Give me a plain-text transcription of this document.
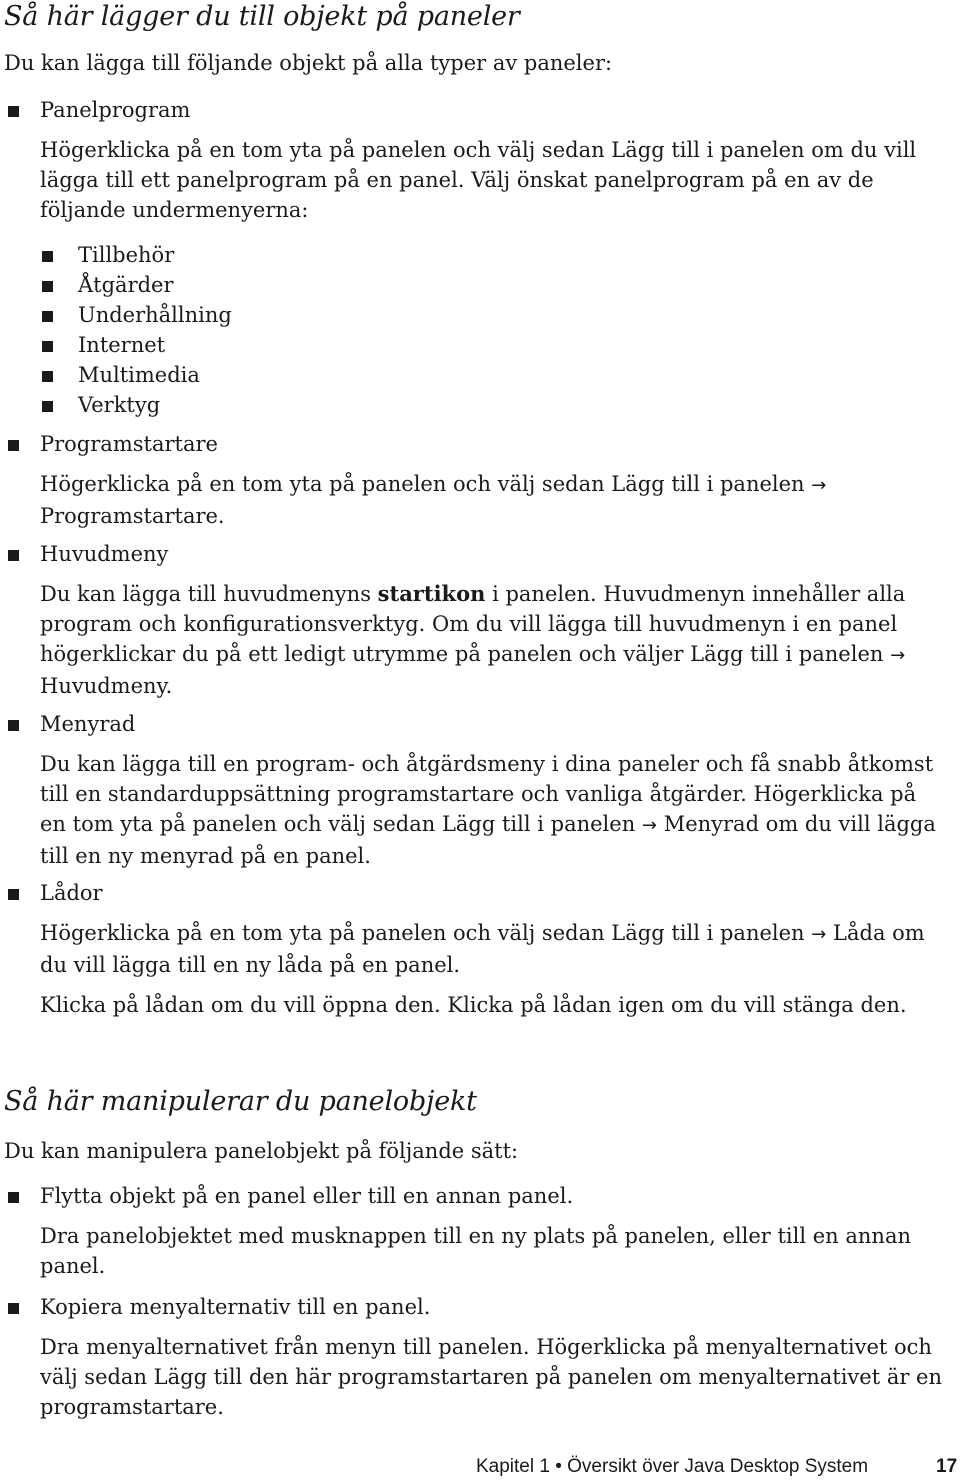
Så här lägger du till objekt på paneler

Du kan lägga till följande objekt på alla typer av paneler:

Panelprogram

Högerklicka på en tom yta på panelen och välj sedan Lägg till i panelen om du vill lägga till ett panelprogram på en panel. Välj önskat panelprogram på en av de följande undermenyerna:

Tillbehör
Åtgärder
Underhållning
Internet
Multimedia
Verktyg
Programstartare

Högerklicka på en tom yta på panelen och välj sedan Lägg till i panelen →
Programstartare.

Huvudmeny

Du kan lägga till huvudmenyns startikon i panelen. Huvudmenyn innehåller alla program och konfigurationsverktyg. Om du vill lägga till huvudmenyn i en panel högerklickar du på ett ledigt utrymme på panelen och väljer Lägg till i panelen → Huvudmeny.

Menyrad

Du kan lägga till en program- och åtgärdsmeny i dina paneler och få snabb åtkomst till en standarduppsättning programstartare och vanliga åtgärder. Högerklicka på en tom yta på panelen och välj sedan Lägg till i panelen → Menyrad om du vill lägga till en ny menyrad på en panel.

Lådor

Högerklicka på en tom yta på panelen och välj sedan Lägg till i panelen → Låda om du vill lägga till en ny låda på en panel.

Klicka på lådan om du vill öppna den. Klicka på lådan igen om du vill stänga den.

Så här manipulerar du panelobjekt

Du kan manipulera panelobjekt på följande sätt:

Flytta objekt på en panel eller till en annan panel.

Dra panelobjektet med musknappen till en ny plats på panelen, eller till en annan panel.

Kopiera menyalternativ till en panel.

Dra menyalternativet från menyn till panelen. Högerklicka på menyalternativet och välj sedan Lägg till den här programstartaren på panelen om menyalternativet är en programstartare.

Kapitel 1 • Översikt över Java Desktop System	17
